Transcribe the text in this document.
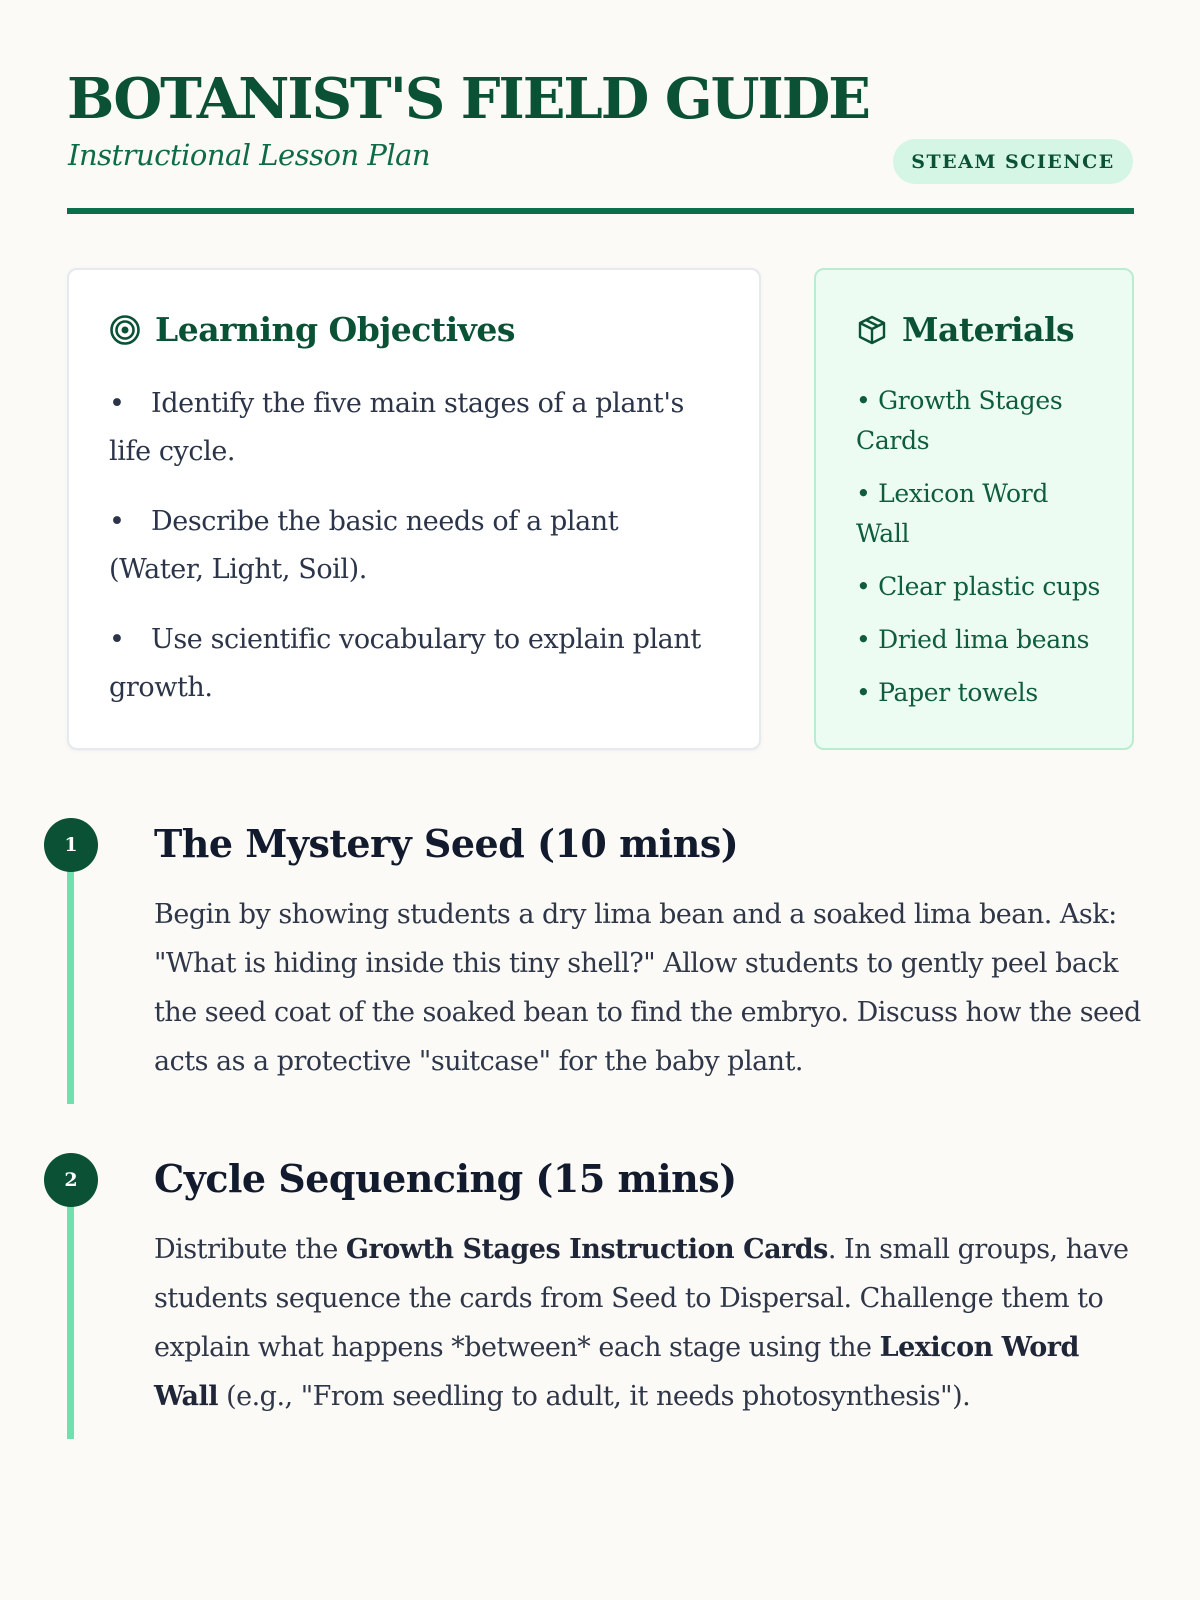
BOTANIST'S FIELD GUIDE
Instructional Lesson Plan	STEAM SCIENCE
Learning Objectives
• Identify the five main stages of a plant's life cycle.
• Describe the basic needs of a plant (Water, Light, Soil).
• Use scientific vocabulary to explain plant growth.
Materials
• Growth Stages Cards
• Lexicon Word Wall
• Clear plastic cups
• Dried lima beans
• Paper towels
1	The Mystery Seed (10 mins)

Begin by showing students a dry lima bean and a soaked lima bean. Ask: "What is hiding inside this tiny shell?" Allow students to gently peel back the seed coat of the soaked bean to find the embryo. Discuss how the seed acts as a protective "suitcase" for the baby plant.

2	Cycle Sequencing (15 mins)

Distribute the Growth Stages Instruction Cards. In small groups, have students sequence the cards from Seed to Dispersal. Challenge them to explain what happens *between* each stage using the Lexicon Word Wall (e.g., "From seedling to adult, it needs photosynthesis").
